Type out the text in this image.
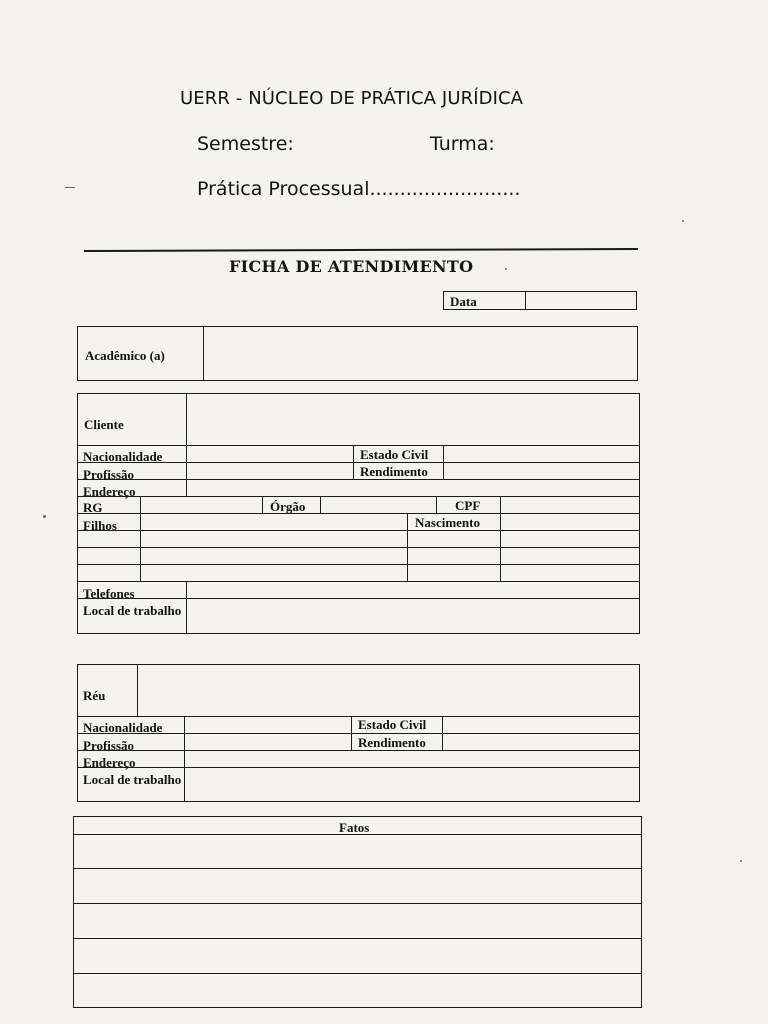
UERR - NÚCLEO DE PRÁTICA JURÍDICA
Semestre:	Turma:
Prática Processual.........................
FICHA DE ATENDIMENTO
Data
Acadêmico (a)
Cliente
Nacionalidade	Estado Civil
Profissão	Rendimento
Endereço
RG	Órgão	CPF
Filhos	Nascimento
Telefones
Local de trabalho
Réu
Nacionalidade	Estado Civil
Profissão	Rendimento
Endereço
Local de trabalho
Fatos
